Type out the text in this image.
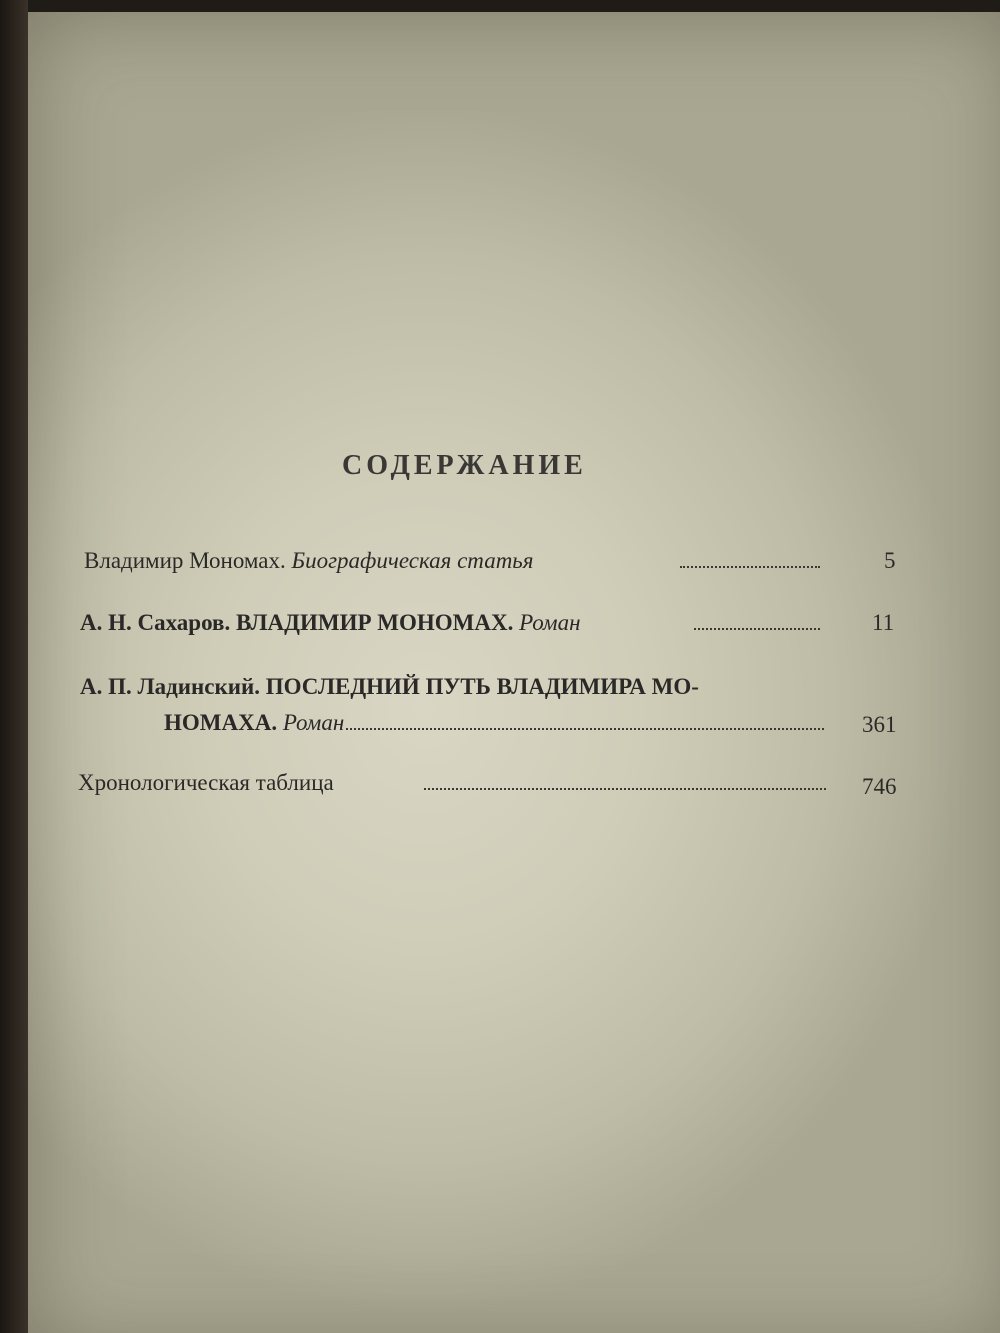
СОДЕРЖАНИЕ
Владимир Мономах. Биографическая статья	5
А. Н. Сахаров. ВЛАДИМИР МОНОМАХ. Роман	11
А. П. Ладинский. ПОСЛЕДНИЙ ПУТЬ ВЛАДИМИРА МО-
НОМАХА. Роман	361
Хронологическая таблица	746
